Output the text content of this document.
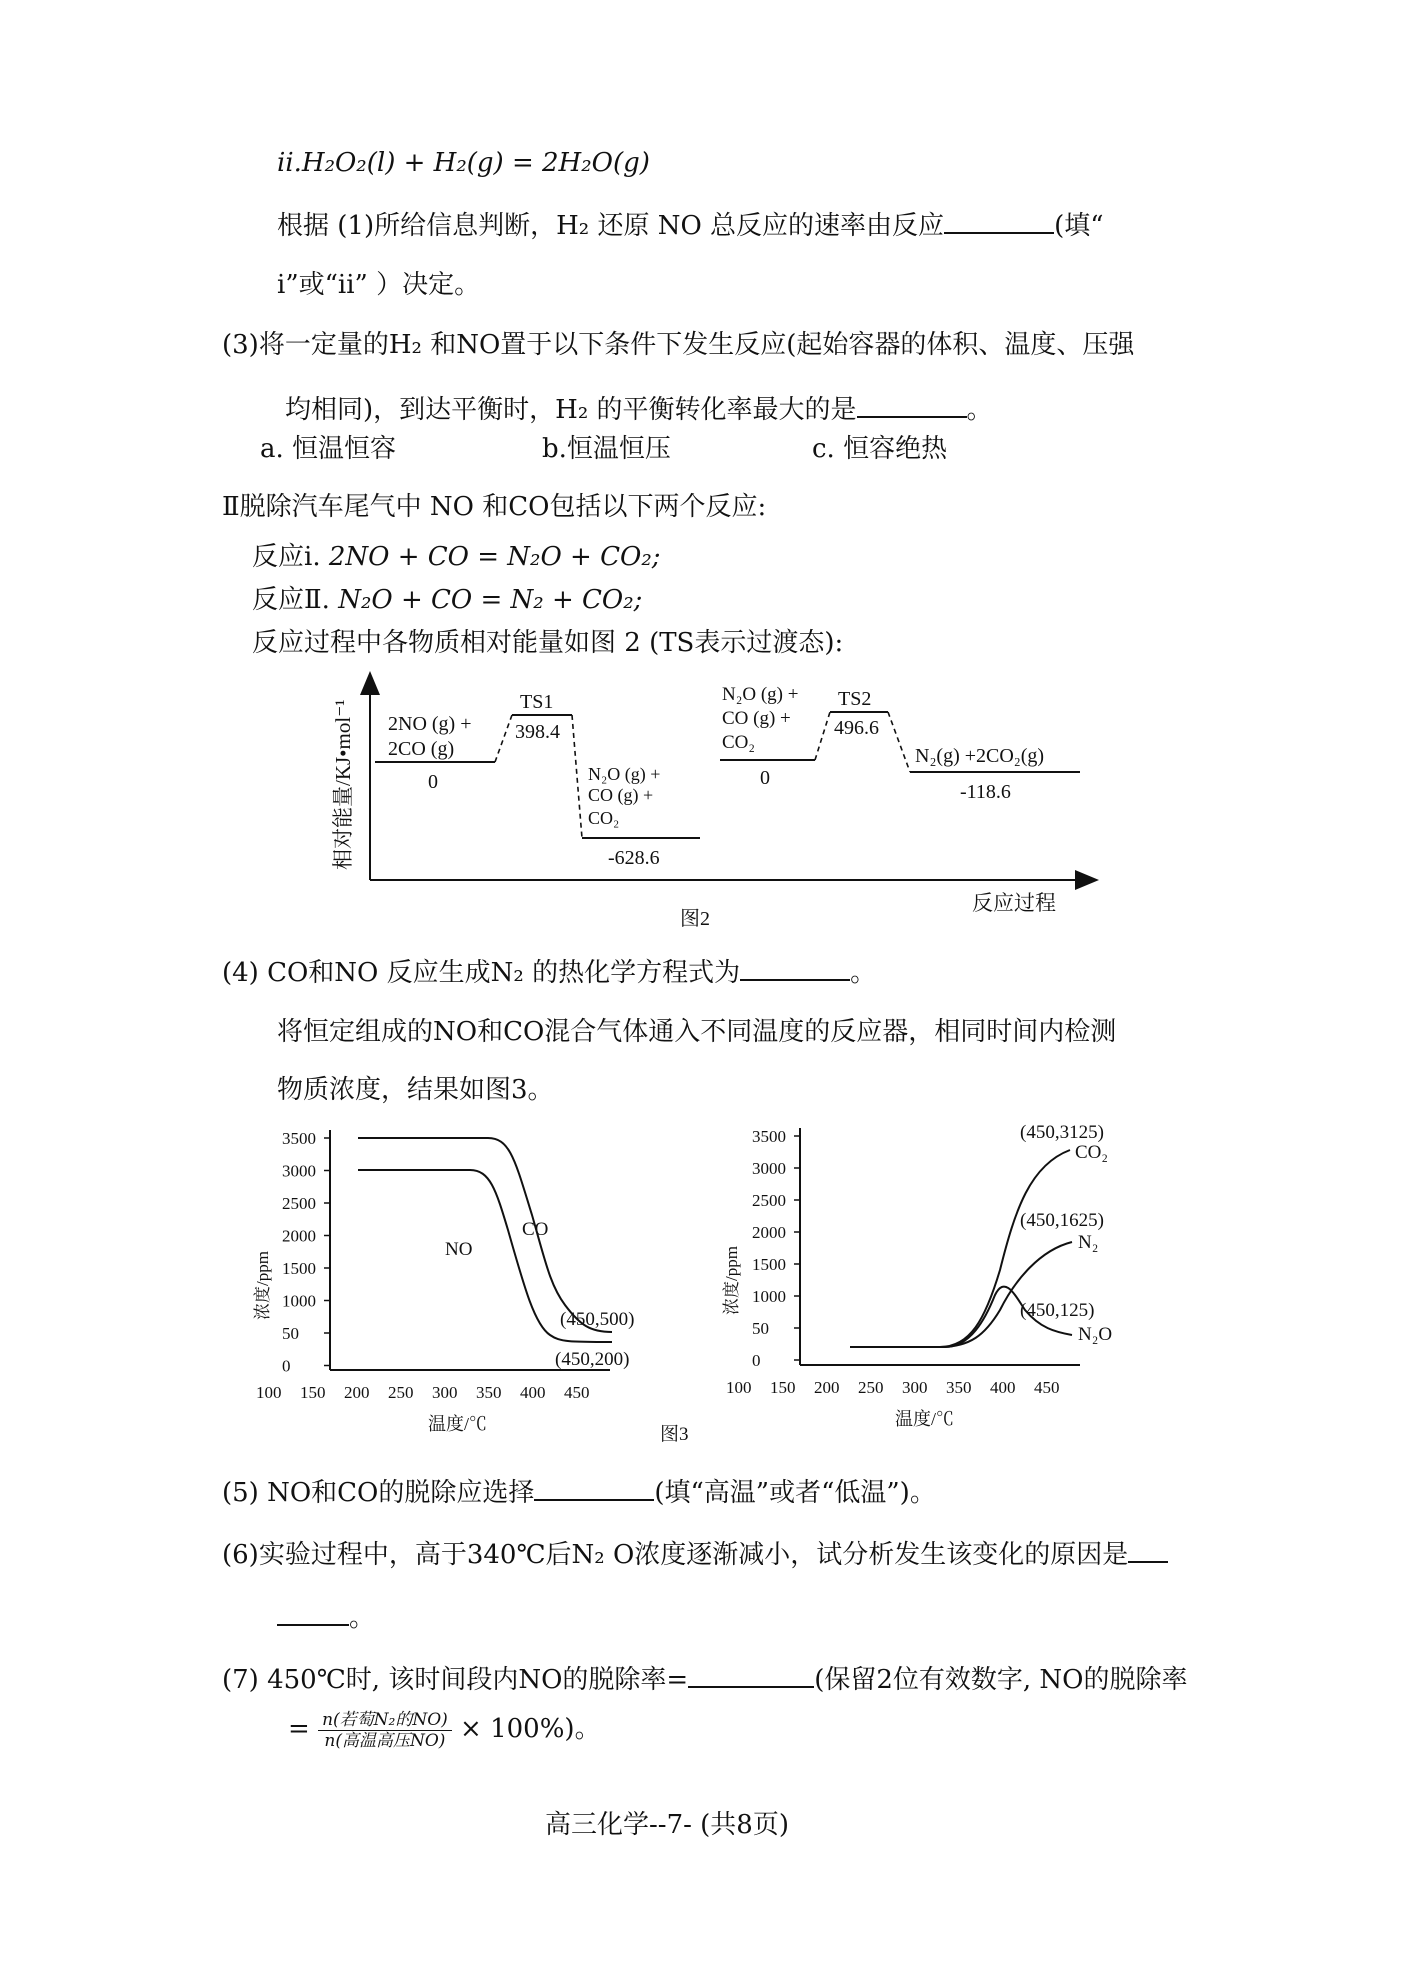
ⅱ.H₂O₂(l) + H₂(g) = 2H₂O(g)
根据 (1)所给信息判断，H₂ 还原 NO 总反应的速率由反应	(填“
i”或“ii” ）决定。
(3)将一定量的H₂ 和NO置于以下条件下发生反应(起始容器的体积、温度、压强
均相同)，到达平衡时，H₂ 的平衡转化率最大的是	。
a. 恒温恒容	b.恒温恒压	c. 恒容绝热
Ⅱ脱除汽车尾气中 NO 和CO包括以下两个反应:
反应i. 2NO + CO = N₂O + CO₂;
反应Ⅱ. N₂O + CO = N₂ + CO₂;
反应过程中各物质相对能量如图 2 (TS表示过渡态):
相对能量/KJ•mol⁻¹
反应过程
图2
2NO (g) +
2CO (g)
0
TS1
398.4
N₂O (g) +
CO (g) +
CO₂
-628.6
N₂O (g) +
CO (g) +
CO₂
0
TS2
496.6
N₂(g) +2CO₂(g)
-118.6
(4) CO和NO 反应生成N₂ 的热化学方程式为	。
将恒定组成的NO和CO混合气体通入不同温度的反应器，相同时间内检测
物质浓度，结果如图3。
3500
3000
2500
2000
1500
1000
50
0
100 150 200 250 300 350 400 450
浓度/ppm
温度/℃
NO
CO
(450,500)
(450,200)
3500
3000
2500
2000
1500
1000
50
0
100 150 200 250 300 350 400 450
浓度/ppm
温度/℃
CO₂
N₂
N₂O
(450,3125)
(450,1625)
(450,125)
图3
(5) NO和CO的脱除应选择	(填“高温”或者“低温”)。
(6)实验过程中，高于340℃后N₂ O浓度逐渐减小，试分析发生该变化的原因是
。
(7) 450℃时, 该时间段内NO的脱除率=	(保留2位有效数字, NO的脱除率
= $\frac{\text{n(若萄N₂的NO)}}{\text{n(高温高压NO)}} \times 100\%$)。
高三化学--7- (共8页)
